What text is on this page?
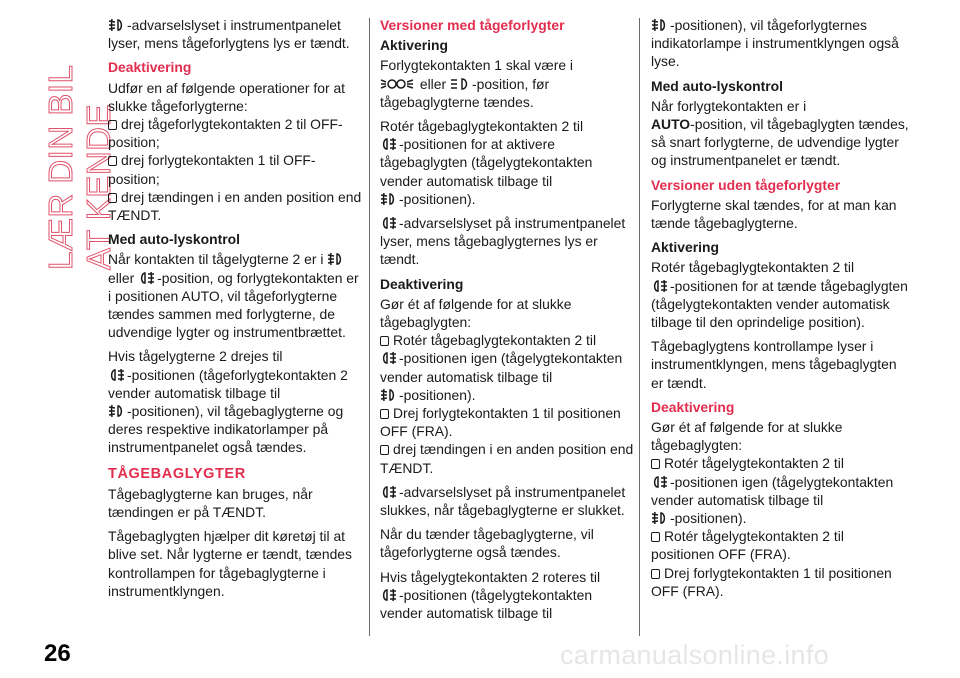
LÆR DIN BIL AT KENDE

-advarselslyset i instrumentpanelet lyser, mens tågeforlygtens lys er tændt.

Deaktivering

Udfør en af følgende operationer for at slukke tågeforlygterne:

drej tågeforlygtekontakten 2 til OFF-position;

drej forlygtekontakten 1 til OFF-position;

drej tændingen i en anden position end TÆNDT.

Med auto-lyskontrol

Når kontakten til tågelygterne 2 er i  eller -position, og forlygtekontakten er i positionen AUTO, vil tågeforlygterne tændes sammen med forlygterne, de udvendige lygter og instrumentbrættet.

Hvis tågelygterne 2 drejes til
-positionen (tågeforlygtekontakten 2 vender automatisk tilbage til
-positionen), vil tågebaglygterne og deres respektive indikatorlamper på instrumentpanelet også tændes.

TÅGEBAGLYGTER

Tågebaglygterne kan bruges, når tændingen er på TÆNDT.

Tågebaglygten hjælper dit køretøj til at blive set. Når lygterne er tændt, tændes kontrollampen for tågebaglygterne i instrumentklyngen.

Versioner med tågeforlygter

Aktivering

Forlygtekontakten 1 skal være i
eller -position, før tågebaglygterne tændes.

Rotér tågebaglygtekontakten 2 til
-positionen for at aktivere tågebaglygten (tågelygtekontakten vender automatisk tilbage til
-positionen).

-advarselslyset på instrumentpanelet lyser, mens tågebaglygternes lys er tændt.

Deaktivering

Gør ét af følgende for at slukke tågebaglygten:

Rotér tågebaglygtekontakten 2 til
-positionen igen (tågelygtekontakten vender automatisk tilbage til
-positionen).

Drej forlygtekontakten 1 til positionen OFF (FRA).

drej tændingen i en anden position end TÆNDT.

-advarselslyset på instrumentpanelet slukkes, når tågebaglygterne er slukket.

Når du tænder tågebaglygterne, vil tågeforlygterne også tændes.

Hvis tågelygtekontakten 2 roteres til
-positionen (tågelygtekontakten vender automatisk tilbage til

-positionen), vil tågeforlygternes indikatorlampe i instrumentklyngen også lyse.

Med auto-lyskontrol

Når forlygtekontakten er i
AUTO-position, vil tågebaglygten tændes, så snart forlygterne, de udvendige lygter og instrumentpanelet er tændt.

Versioner uden tågeforlygter

Forlygterne skal tændes, for at man kan tænde tågebaglygterne.

Aktivering

Rotér tågebaglygtekontakten 2 til
-positionen for at tænde tågebaglygten (tågelygtekontakten vender automatisk tilbage til den oprindelige position).

Tågebaglygtens kontrollampe lyser i instrumentklyngen, mens tågebaglygten er tændt.

Deaktivering

Gør ét af følgende for at slukke tågebaglygten:

Rotér tågelygtekontakten 2 til
-positionen igen (tågelygtekontakten vender automatisk tilbage til
-positionen).

Rotér tågelygtekontakten 2 til positionen OFF (FRA).

Drej forlygtekontakten 1 til positionen OFF (FRA).

26	carmanualsonline.info
